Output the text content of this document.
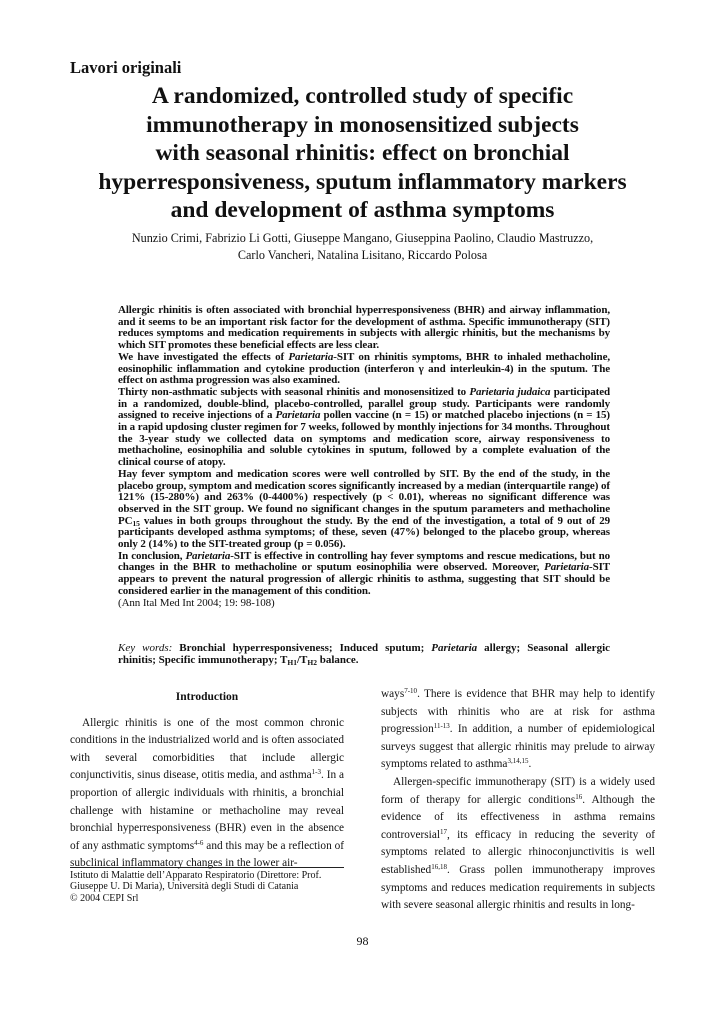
Lavori originali
A randomized, controlled study of specific
immunotherapy in monosensitized subjects
with seasonal rhinitis: effect on bronchial
hyperresponsiveness, sputum inflammatory markers
and development of asthma symptoms
Nunzio Crimi, Fabrizio Li Gotti, Giuseppe Mangano, Giuseppina Paolino, Claudio Mastruzzo,
Carlo Vancheri, Natalina Lisitano, Riccardo Polosa

Allergic rhinitis is often associated with bronchial hyperresponsiveness (BHR) and airway inflammation, and it seems to be an important risk factor for the development of asthma. Specific immunotherapy (SIT) reduces symptoms and medication requirements in subjects with allergic rhinitis, but the mechanisms by which SIT promotes these beneficial effects are less clear.

We have investigated the effects of Parietaria-SIT on rhinitis symptoms, BHR to inhaled methacholine, eosinophilic inflammation and cytokine production (interferon γ and interleukin-4) in the sputum. The effect on asthma progression was also examined.

Thirty non-asthmatic subjects with seasonal rhinitis and monosensitized to Parietaria judaica participated in a randomized, double-blind, placebo-controlled, parallel group study. Participants were randomly assigned to receive injections of a Parietaria pollen vaccine (n = 15) or matched placebo injections (n = 15) in a rapid updosing cluster regimen for 7 weeks, followed by monthly injections for 34 months. Throughout the 3-year study we collected data on symptoms and medication score, airway responsiveness to methacholine, eosinophilia and soluble cytokines in sputum, followed by a complete evaluation of the clinical course of atopy.

Hay fever symptom and medication scores were well controlled by SIT. By the end of the study, in the placebo group, symptom and medication scores significantly increased by a median (interquartile range) of 121% (15-280%) and 263% (0-4400%) respectively (p < 0.01), whereas no significant difference was observed in the SIT group. We found no significant changes in the sputum parameters and methacholine $PC_{15}$ values in both groups throughout the study. By the end of the investigation, a total of 9 out of 29 participants developed asthma symptoms; of these, seven (47%) belonged to the placebo group, whereas only 2 (14%) to the SIT-treated group (p = 0.056).

In conclusion, Parietaria-SIT is effective in controlling hay fever symptoms and rescue medications, but no changes in the BHR to methacholine or sputum eosinophilia were observed. Moreover, Parietaria-SIT appears to prevent the natural progression of allergic rhinitis to asthma, suggesting that SIT should be considered earlier in the management of this condition.

(Ann Ital Med Int 2004; 19: 98-108)

Key words: Bronchial hyperresponsiveness; Induced sputum; Parietaria allergy; Seasonal allergic rhinitis; Specific immunotherapy; $T_{H1}/T_{H2}$ balance.

Introduction

Allergic rhinitis is one of the most common chronic conditions in the industrialized world and is often associated with several comorbidities that include allergic conjunctivitis, sinus disease, otitis media, and asthma$^{1-3}$. In a proportion of allergic individuals with rhinitis, a bronchial challenge with histamine or methacholine may reveal bronchial hyperresponsiveness (BHR) even in the absence of any asthmatic symptoms$^{4-6}$ and this may be a reflection of subclinical inflammatory changes in the lower air-

ways$^{7-10}$. There is evidence that BHR may help to identify subjects with rhinitis who are at risk for asthma progression$^{11-13}$. In addition, a number of epidemiological surveys suggest that allergic rhinitis may prelude to airway symptoms related to asthma$^{3,14,15}$.

Allergen-specific immunotherapy (SIT) is a widely used form of therapy for allergic conditions$^{16}$. Although the evidence of its effectiveness in asthma remains controversial$^{17}$, its efficacy in reducing the severity of symptoms related to allergic rhinoconjunctivitis is well established$^{16,18}$. Grass pollen immunotherapy improves symptoms and reduces medication requirements in subjects with severe seasonal allergic rhinitis and results in long-

Istituto di Malattie dell’Apparato Respiratorio (Direttore: Prof.
Giuseppe U. Di Maria), Università degli Studi di Catania
© 2004 CEPI Srl
98
